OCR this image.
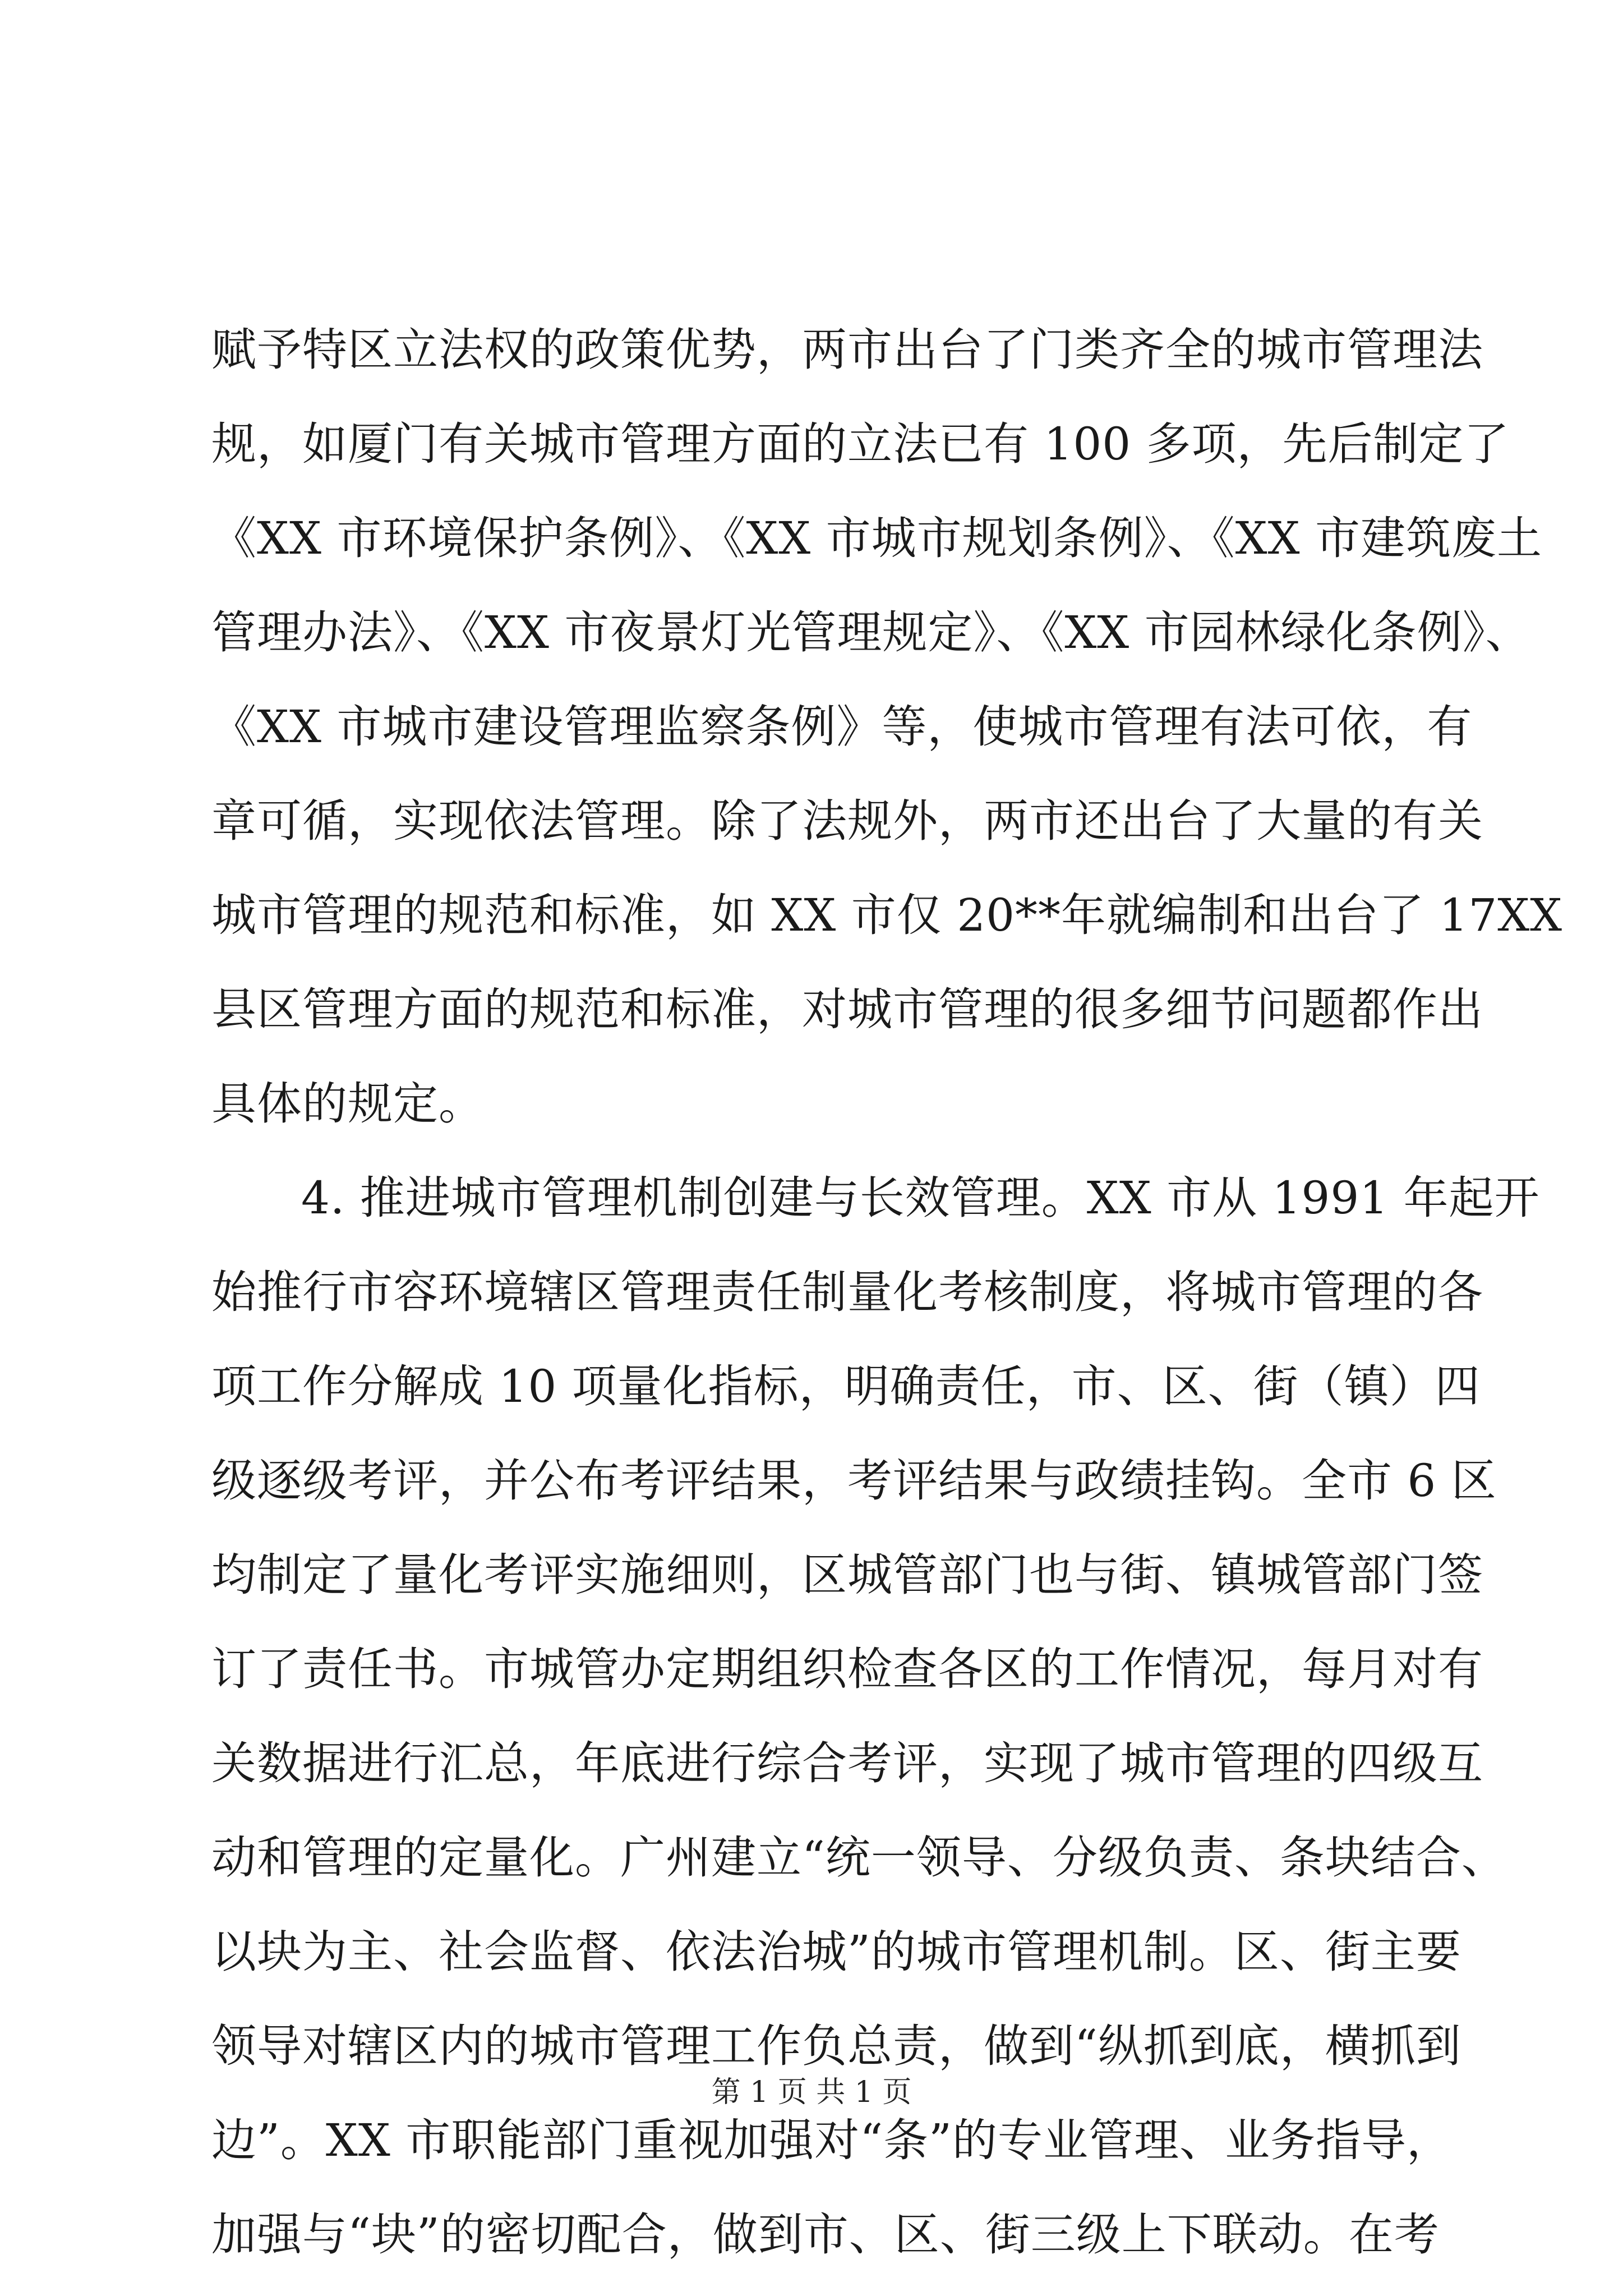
赋予特区立法权的政策优势，两市出台了门类齐全的城市管理法
规，如厦门有关城市管理方面的立法已有 100 多项，先后制定了
《XX 市环境保护条例》、《XX 市城市规划条例》、《XX 市建筑废土
管理办法》、《XX 市夜景灯光管理规定》、《XX 市园林绿化条例》、
《XX 市城市建设管理监察条例》等，使城市管理有法可依，有
章可循，实现依法管理。除了法规外，两市还出台了大量的有关
城市管理的规范和标准，如 XX 市仅 20**年就编制和出台了 17XX
县区管理方面的规范和标准，对城市管理的很多细节问题都作出
具体的规定。
4. 推进城市管理机制创建与长效管理。XX 市从 1991 年起开
始推行市容环境辖区管理责任制量化考核制度，将城市管理的各
项工作分解成 10 项量化指标，明确责任，市、区、街（镇）四
级逐级考评，并公布考评结果，考评结果与政绩挂钩。全市 6 区
均制定了量化考评实施细则，区城管部门也与街、镇城管部门签
订了责任书。市城管办定期组织检查各区的工作情况，每月对有
关数据进行汇总，年底进行综合考评，实现了城市管理的四级互
动和管理的定量化。广州建立“统一领导、分级负责、条块结合、
以块为主、社会监督、依法治城”的城市管理机制。区、街主要
领导对辖区内的城市管理工作负总责，做到“纵抓到底，横抓到
边”。XX 市职能部门重视加强对“条”的专业管理、业务指导，
加强与“块”的密切配合，做到市、区、街三级上下联动。在考
第 1 页 共 1 页
